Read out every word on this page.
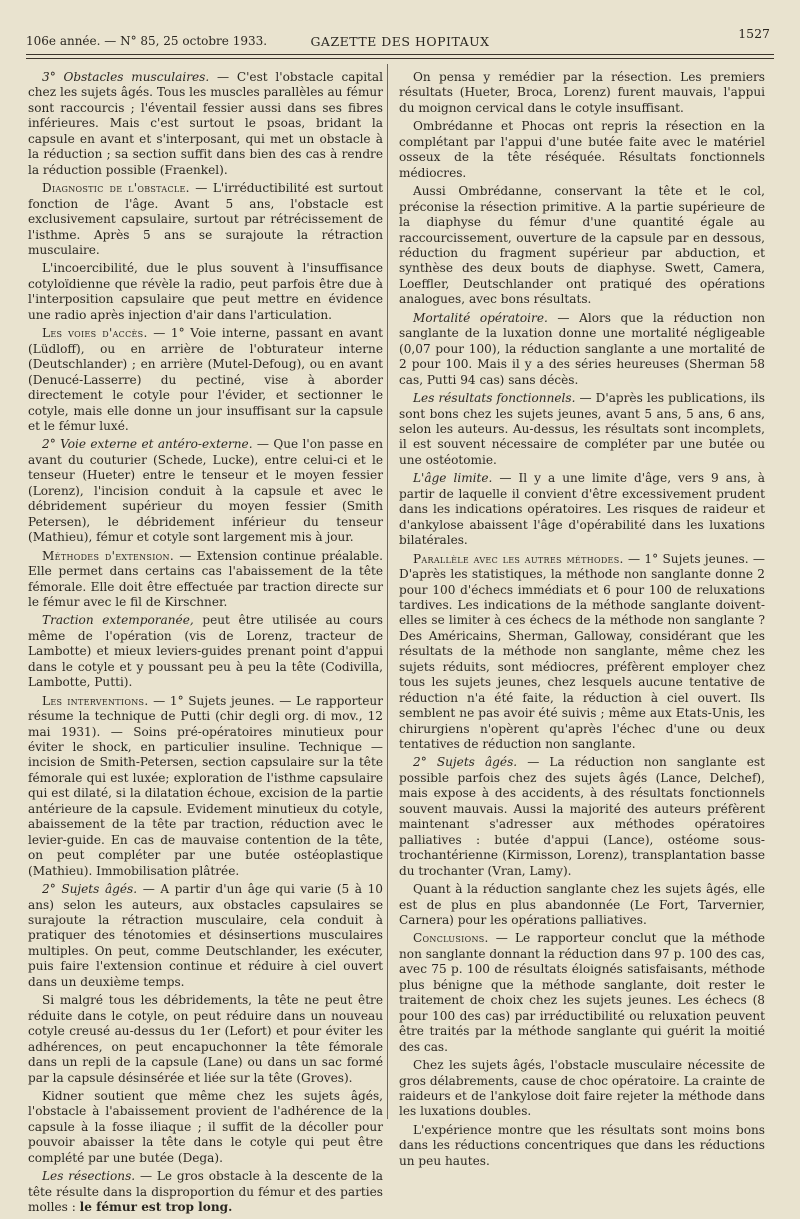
106e année. — N° 85, 25 octobre 1933.	GAZETTE DES HOPITAUX
1527

3° Obstacles musculaires. — C'est l'obstacle capital chez les sujets âgés. Tous les muscles parallèles au fémur sont raccourcis ; l'éventail fessier aussi dans ses fibres inférieures. Mais c'est surtout le psoas, bridant la capsule en avant et s'interposant, qui met un obstacle à la réduction ; sa section suffit dans bien des cas à rendre la réduction possible (Fraenkel).

Diagnostic de l'obstacle. — L'irréductibilité est surtout fonction de l'âge. Avant 5 ans, l'obstacle est exclusivement capsulaire, surtout par rétrécissement de l'isthme. Après 5 ans se surajoute la rétraction musculaire.

L'incoercibilité, due le plus souvent à l'insuffisance cotyloïdienne que révèle la radio, peut parfois être due à l'interposition capsulaire que peut mettre en évidence une radio après injection d'air dans l'articulation.

Les voies d'accès. — 1° Voie interne, passant en avant (Lüdloff), ou en arrière de l'obturateur interne (Deutschlander) ; en arrière (Mutel-Defoug), ou en avant (Denucé-Lasserre) du pectiné, vise à aborder directement le cotyle pour l'évider, et sectionner le cotyle, mais elle donne un jour insuffisant sur la capsule et le fémur luxé.

2° Voie externe et antéro-externe. — Que l'on passe en avant du couturier (Schede, Lucke), entre celui-ci et le tenseur (Hueter) entre le tenseur et le moyen fessier (Lorenz), l'incision conduit à la capsule et avec le débridement supérieur du moyen fessier (Smith Petersen), le débridement inférieur du tenseur (Mathieu), fémur et cotyle sont largement mis à jour.

Méthodes d'extension. — Extension continue préalable. Elle permet dans certains cas l'abaissement de la tête fémorale. Elle doit être effectuée par traction directe sur le fémur avec le fil de Kirschner.

Traction extemporanée, peut être utilisée au cours même de l'opération (vis de Lorenz, tracteur de Lambotte) et mieux leviers-guides prenant point d'appui dans le cotyle et y poussant peu à peu la tête (Codivilla, Lambotte, Putti).

Les interventions. — 1° Sujets jeunes. — Le rapporteur résume la technique de Putti (chir degli org. di mov., 12 mai 1931). — Soins pré-opératoires minutieux pour éviter le shock, en particulier insuline. Technique — incision de Smith-Petersen, section capsulaire sur la tête fémorale qui est luxée; exploration de l'isthme capsulaire qui est dilaté, si la dilatation échoue, excision de la partie antérieure de la capsule. Evidement minutieux du cotyle, abaissement de la tête par traction, réduction avec le levier-guide. En cas de mauvaise contention de la tête, on peut compléter par une butée ostéoplastique (Mathieu). Immobilisation plâtrée.

2° Sujets âgés. — A partir d'un âge qui varie (5 à 10 ans) selon les auteurs, aux obstacles capsulaires se surajoute la rétraction musculaire, cela conduit à pratiquer des ténotomies et désinsertions musculaires multiples. On peut, comme Deutschlander, les exécuter, puis faire l'extension continue et réduire à ciel ouvert dans un deuxième temps.

Si malgré tous les débridements, la tête ne peut être réduite dans le cotyle, on peut réduire dans un nouveau cotyle creusé au-dessus du 1er (Lefort) et pour éviter les adhérences, on peut encapuchonner la tête fémorale dans un repli de la capsule (Lane) ou dans un sac formé par la capsule désinsérée et liée sur la tête (Groves).

Kidner soutient que même chez les sujets âgés, l'obstacle à l'abaissement provient de l'adhérence de la capsule à la fosse iliaque ; il suffit de la décoller pour pouvoir abaisser la tête dans le cotyle qui peut être complété par une butée (Dega).

Les résections. — Le gros obstacle à la descente de la tête résulte dans la disproportion du fémur et des parties molles : le fémur est trop long.

On pensa y remédier par la résection. Les premiers résultats (Hueter, Broca, Lorenz) furent mauvais, l'appui du moignon cervical dans le cotyle insuffisant.

Ombrédanne et Phocas ont repris la résection en la complétant par l'appui d'une butée faite avec le matériel osseux de la tête réséquée. Résultats fonctionnels médiocres.

Aussi Ombrédanne, conservant la tête et le col, préconise la résection primitive. A la partie supérieure de la diaphyse du fémur d'une quantité égale au raccourcissement, ouverture de la capsule par en dessous, réduction du fragment supérieur par abduction, et synthèse des deux bouts de diaphyse. Swett, Camera, Loeffler, Deutschlander ont pratiqué des opérations analogues, avec bons résultats.

Mortalité opératoire. — Alors que la réduction non sanglante de la luxation donne une mortalité négligeable (0,07 pour 100), la réduction sanglante a une mortalité de 2 pour 100. Mais il y a des séries heureuses (Sherman 58 cas, Putti 94 cas) sans décès.

Les résultats fonctionnels. — D'après les publications, ils sont bons chez les sujets jeunes, avant 5 ans, 5 ans, 6 ans, selon les auteurs. Au-dessus, les résultats sont incomplets, il est souvent nécessaire de compléter par une butée ou une ostéotomie.

L'âge limite. — Il y a une limite d'âge, vers 9 ans, à partir de laquelle il convient d'être excessivement prudent dans les indications opératoires. Les risques de raideur et d'ankylose abaissent l'âge d'opérabilité dans les luxations bilatérales.

Parallèle avec les autres méthodes. — 1° Sujets jeunes. — D'après les statistiques, la méthode non sanglante donne 2 pour 100 d'échecs immédiats et 6 pour 100 de reluxations tardives. Les indications de la méthode sanglante doivent-elles se limiter à ces échecs de la méthode non sanglante ? Des Américains, Sherman, Galloway, considérant que les résultats de la méthode non sanglante, même chez les sujets réduits, sont médiocres, préfèrent employer chez tous les sujets jeunes, chez lesquels aucune tentative de réduction n'a été faite, la réduction à ciel ouvert. Ils semblent ne pas avoir été suivis ; même aux Etats-Unis, les chirurgiens n'opèrent qu'après l'échec d'une ou deux tentatives de réduction non sanglante.

2° Sujets âgés. — La réduction non sanglante est possible parfois chez des sujets âgés (Lance, Delchef), mais expose à des accidents, à des résultats fonctionnels souvent mauvais. Aussi la majorité des auteurs préfèrent maintenant s'adresser aux méthodes opératoires palliatives : butée d'appui (Lance), ostéome sous-trochantérienne (Kirmisson, Lorenz), transplantation basse du trochanter (Vran, Lamy).

Quant à la réduction sanglante chez les sujets âgés, elle est de plus en plus abandonnée (Le Fort, Tarvernier, Carnera) pour les opérations palliatives.

Conclusions. — Le rapporteur conclut que la méthode non sanglante donnant la réduction dans 97 p. 100 des cas, avec 75 p. 100 de résultats éloignés satisfaisants, méthode plus bénigne que la méthode sanglante, doit rester le traitement de choix chez les sujets jeunes. Les échecs (8 pour 100 des cas) par irréductibilité ou reluxation peuvent être traités par la méthode sanglante qui guérit la moitié des cas.

Chez les sujets âgés, l'obstacle musculaire nécessite de gros délabrements, cause de choc opératoire. La crainte de raideurs et de l'ankylose doit faire rejeter la méthode dans les luxations doubles.

L'expérience montre que les résultats sont moins bons dans les réductions concentriques que dans les réductions un peu hautes.
